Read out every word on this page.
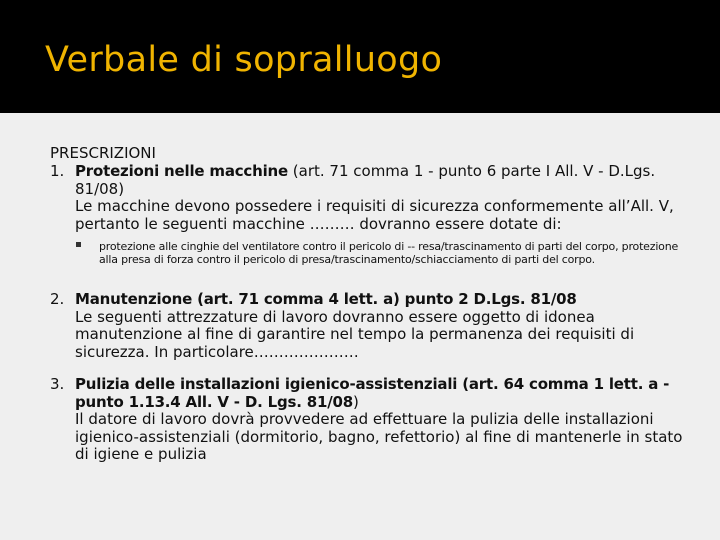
Verbale di sopralluogo
PRESCRIZIONI
1. Protezioni nelle macchine (art. 71 comma 1 - punto 6 parte I All. V - D.Lgs. 81/08)
Le macchine devono possedere i requisiti di sicurezza conformemente all’All. V, pertanto le seguenti macchine ……… dovranno essere dotate di:
protezione alle cinghie del ventilatore contro il pericolo di -- resa/trascinamento di parti del corpo, protezione alla presa di forza contro il pericolo di presa/trascinamento/schiacciamento di parti del corpo.
2. Manutenzione (art. 71 comma 4 lett. a) punto 2 D.Lgs. 81/08
Le seguenti attrezzature di lavoro dovranno essere oggetto di idonea manutenzione al fine di garantire nel tempo la permanenza dei requisiti di sicurezza. In particolare…………………
3. Pulizia delle installazioni igienico-assistenziali (art. 64 comma 1 lett. a - punto 1.13.4 All. V - D. Lgs. 81/08)
Il datore di lavoro dovrà provvedere ad effettuare la pulizia delle installazioni igienico-assistenziali (dormitorio, bagno, refettorio) al fine di mantenerle in stato di igiene e pulizia
